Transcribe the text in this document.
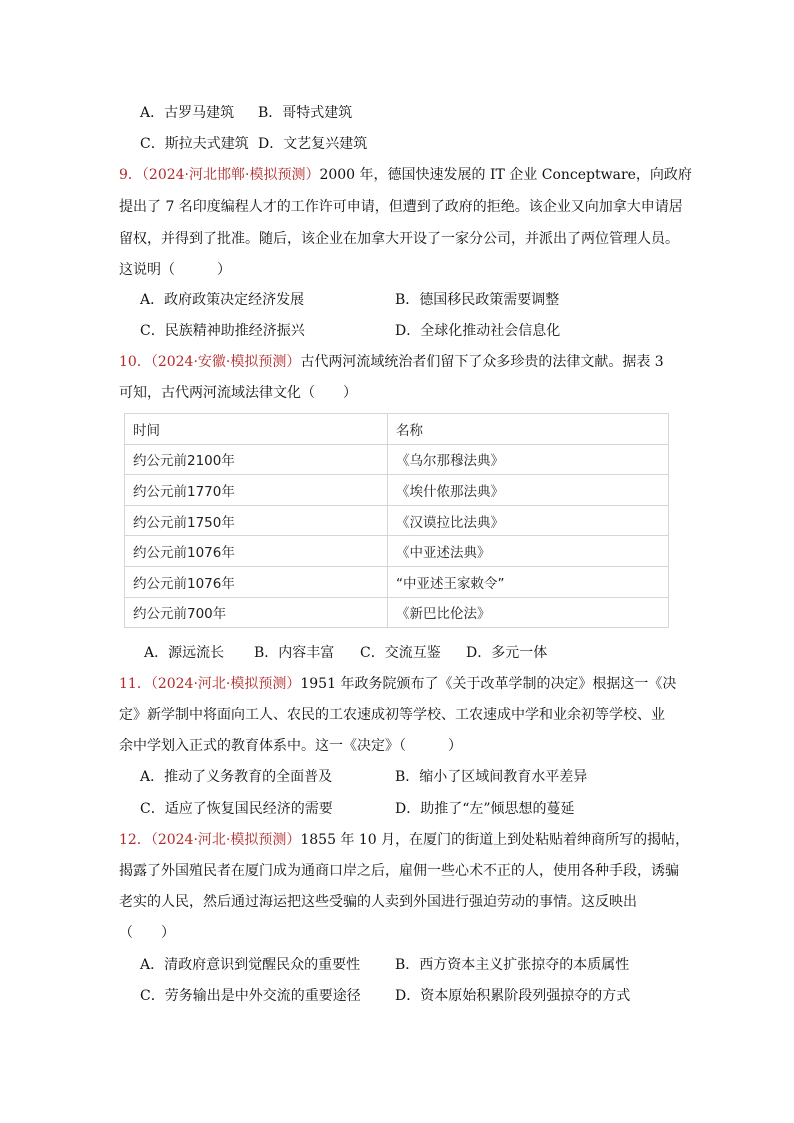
A．古罗马建筑 B．哥特式建筑
C．斯拉夫式建筑 D．文艺复兴建筑
9．（2024·河北邯郸·模拟预测）2000 年，德国快速发展的 IT 企业 Conceptware，向政府
提出了 7 名印度编程人才的工作许可申请，但遭到了政府的拒绝。该企业又向加拿大申请居
留权，并得到了批准。随后，该企业在加拿大开设了一家分公司，并派出了两位管理人员。
这说明（　　　）
A．政府政策决定经济发展	B．德国移民政策需要调整
C．民族精神助推经济振兴	D．全球化推动社会信息化
10．（2024·安徽·模拟预测）古代两河流域统治者们留下了众多珍贵的法律文献。据表 3
可知，古代两河流域法律文化（　　）
时间	名称
约公元前2100年	《乌尔那穆法典》
约公元前1770年	《埃什侬那法典》
约公元前1750年	《汉谟拉比法典》
约公元前1076年	《中亚述法典》
约公元前1076年	“中亚述王家敕令”
约公元前700年	《新巴比伦法》
A．源远流长 B．内容丰富 C．交流互鉴 D．多元一体
11．（2024·河北·模拟预测）1951 年政务院颁布了《关于改革学制的决定》根据这一《决
定》新学制中将面向工人、农民的工农速成初等学校、工农速成中学和业余初等学校、业
余中学划入正式的教育体系中。这一《决定》（　　　）
A．推动了义务教育的全面普及	B．缩小了区域间教育水平差异
C．适应了恢复国民经济的需要	D．助推了“左”倾思想的蔓延
12．（2024·河北·模拟预测）1855 年 10 月，在厦门的街道上到处粘贴着绅商所写的揭帖，
揭露了外国殖民者在厦门成为通商口岸之后，雇佣一些心术不正的人，使用各种手段，诱骗
老实的人民，然后通过海运把这些受骗的人卖到外国进行强迫劳动的事情。这反映出
（　　）
A．清政府意识到觉醒民众的重要性 B．西方资本主义扩张掠夺的本质属性
C．劳务输出是中外交流的重要途径 D．资本原始积累阶段列强掠夺的方式
